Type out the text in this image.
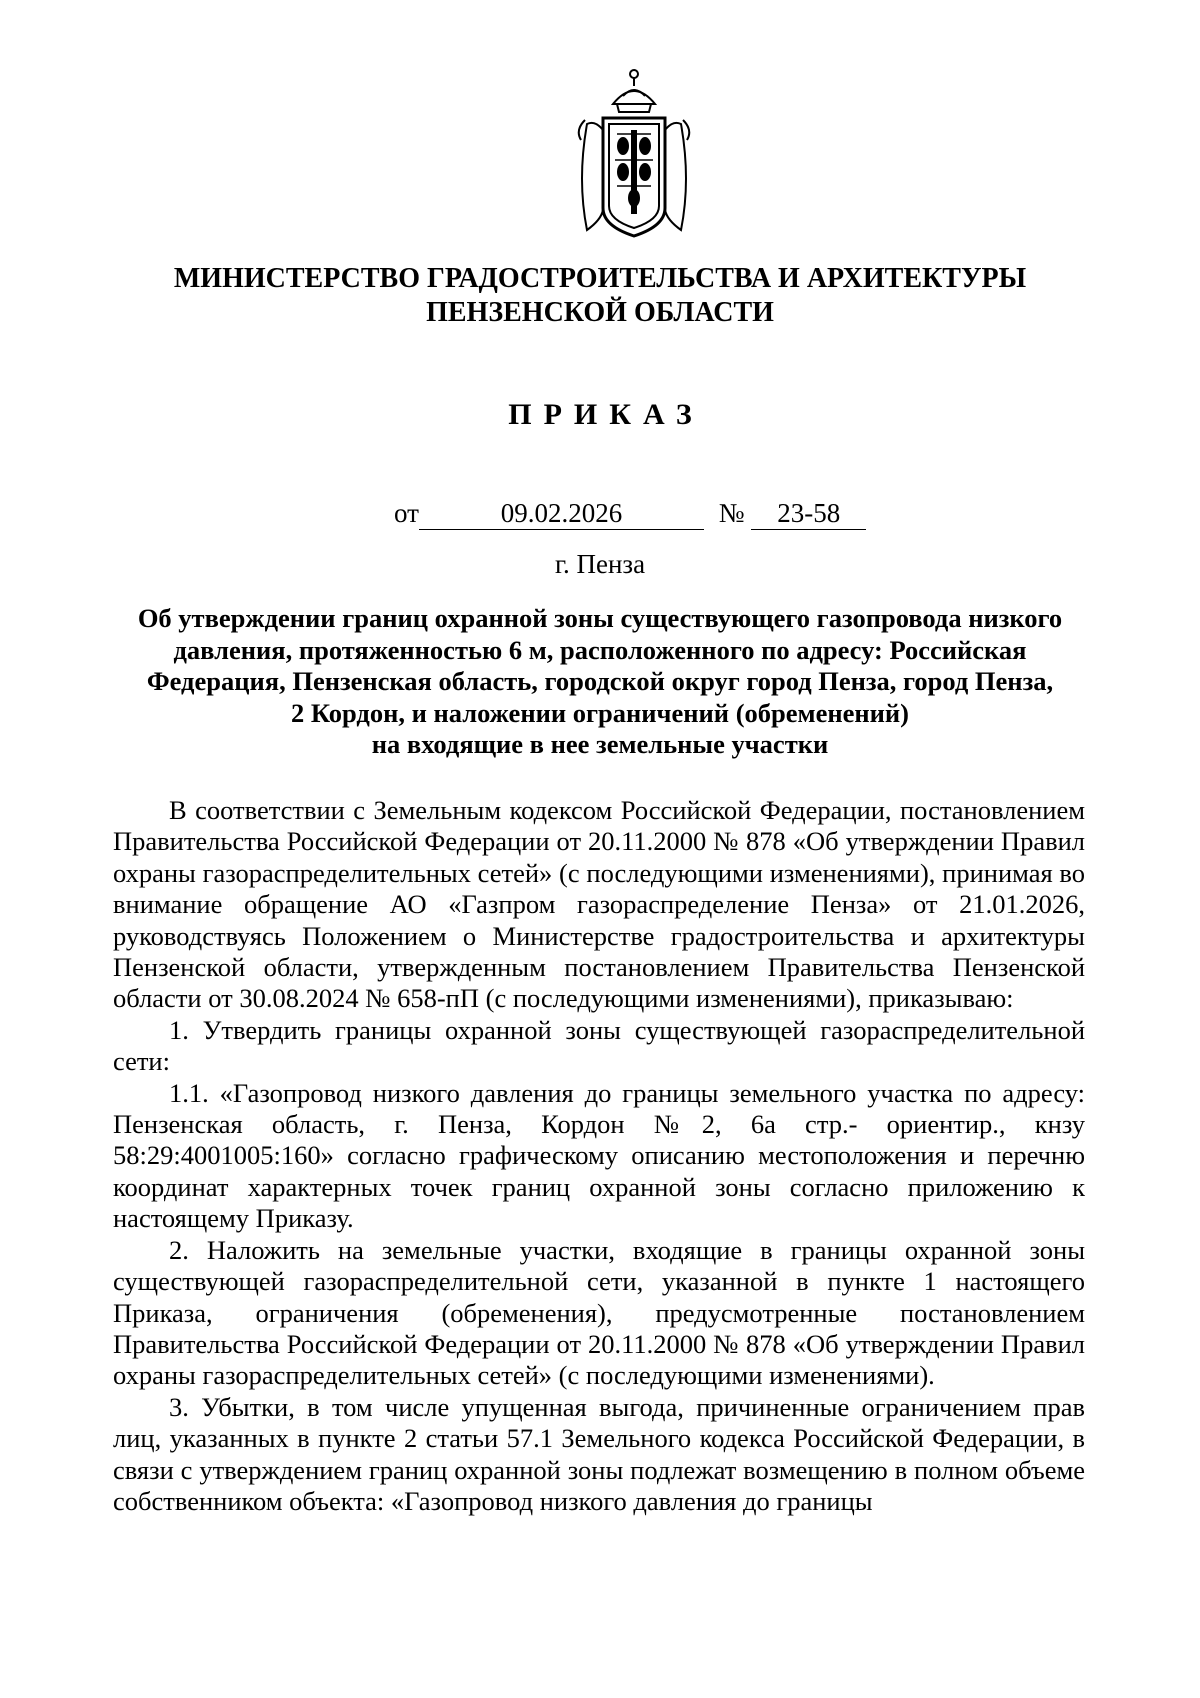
МИНИСТЕРСТВО ГРАДОСТРОИТЕЛЬСТВА И АРХИТЕКТУРЫ
ПЕНЗЕНСКОЙ ОБЛАСТИ
ПРИКАЗ
от	09.02.2026	№ 23-58
г. Пенза
Об утверждении границ охранной зоны существующего газопровода низкого
давления, протяженностью 6 м, расположенного по адресу: Российская
Федерация, Пензенская область, городской округ город Пенза, город Пенза,
2 Кордон, и наложении ограничений (обременений)
на входящие в нее земельные участки

В соответствии с Земельным кодексом Российской Федерации, постановлением Правительства Российской Федерации от 20.11.2000 № 878 «Об утверждении Правил охраны газораспределительных сетей» (с последующими изменениями), принимая во внимание обращение АО «Газпром газораспределение Пенза» от 21.01.2026, руководствуясь Положением о Министерстве градостроительства и архитектуры Пензенской области, утвержденным постановлением Правительства Пензенской области от 30.08.2024 № 658-пП (с последующими изменениями), приказываю:

1. Утвердить границы охранной зоны существующей газораспределительной сети:

1.1. «Газопровод низкого давления до границы земельного участка по адресу: Пензенская область, г. Пенза, Кордон №2, 6а стр.- ориентир., кнзу 58:29:4001005:160» согласно графическому описанию местоположения и перечню координат характерных точек границ охранной зоны согласно приложению к настоящему Приказу.

2. Наложить на земельные участки, входящие в границы охранной зоны существующей газораспределительной сети, указанной в пункте 1 настоящего Приказа, ограничения (обременения), предусмотренные постановлением Правительства Российской Федерации от 20.11.2000 № 878 «Об утверждении Правил охраны газораспределительных сетей» (с последующими изменениями).

3. Убытки, в том числе упущенная выгода, причиненные ограничением прав лиц, указанных в пункте 2 статьи 57.1 Земельного кодекса Российской Федерации, в связи с утверждением границ охранной зоны подлежат возмещению в полном объеме собственником объекта: «Газопровод низкого давления до границы
